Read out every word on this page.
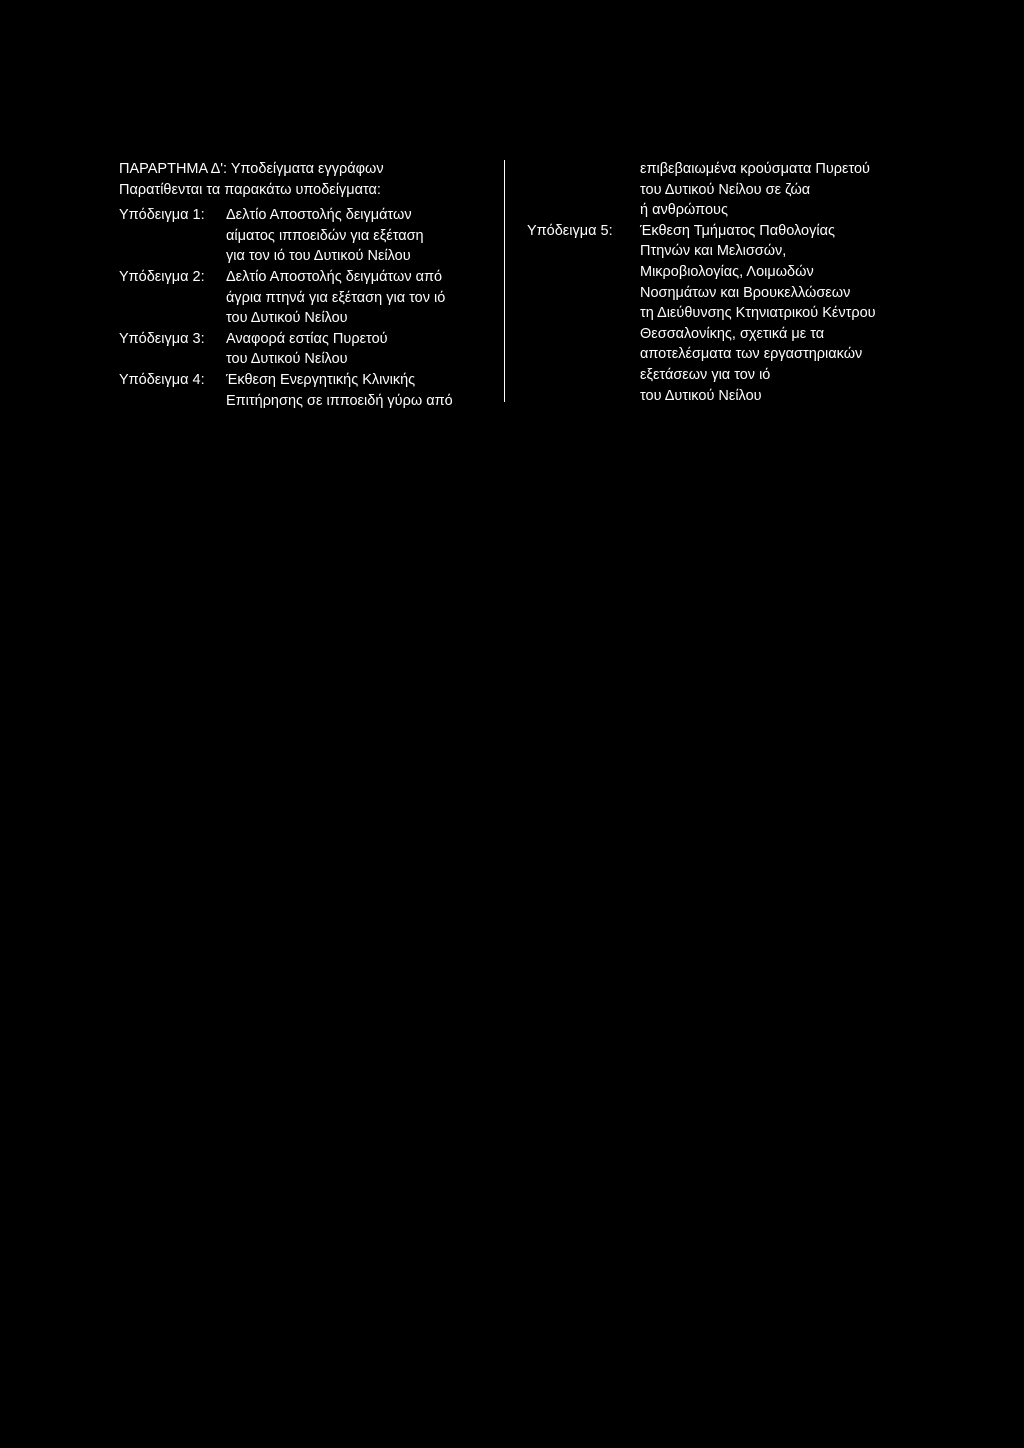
ΠΑΡΑΡΤΗΜΑ Δ': Υποδείγματα εγγράφων
Παρατίθενται τα παρακάτω υποδείγματα:
Υπόδειγμα 1:	Δελτίο Αποστολής δειγμάτων
αίματος ιπποειδών για εξέταση
για τον ιό του Δυτικού Νείλου
Υπόδειγμα 2:	Δελτίο Αποστολής δειγμάτων από
άγρια πτηνά για εξέταση για τον ιό
του Δυτικού Νείλου
Υπόδειγμα 3:	Αναφορά εστίας Πυρετού
του Δυτικού Νείλου
Υπόδειγμα 4:	Έκθεση Ενεργητικής Κλινικής
Επιτήρησης σε ιπποειδή γύρω από
επιβεβαιωμένα κρούσματα Πυρετού
του Δυτικού Νείλου σε ζώα
ή ανθρώπους
Υπόδειγμα 5:	Έκθεση Τμήματος Παθολογίας
Πτηνών και Μελισσών,
Μικροβιολογίας, Λοιμωδών
Νοσημάτων και Βρουκελλώσεων
τη Διεύθυνσης Κτηνιατρικού Κέντρου
Θεσσαλονίκης, σχετικά με τα
αποτελέσματα των εργαστηριακών
εξετάσεων για τον ιό
του Δυτικού Νείλου
